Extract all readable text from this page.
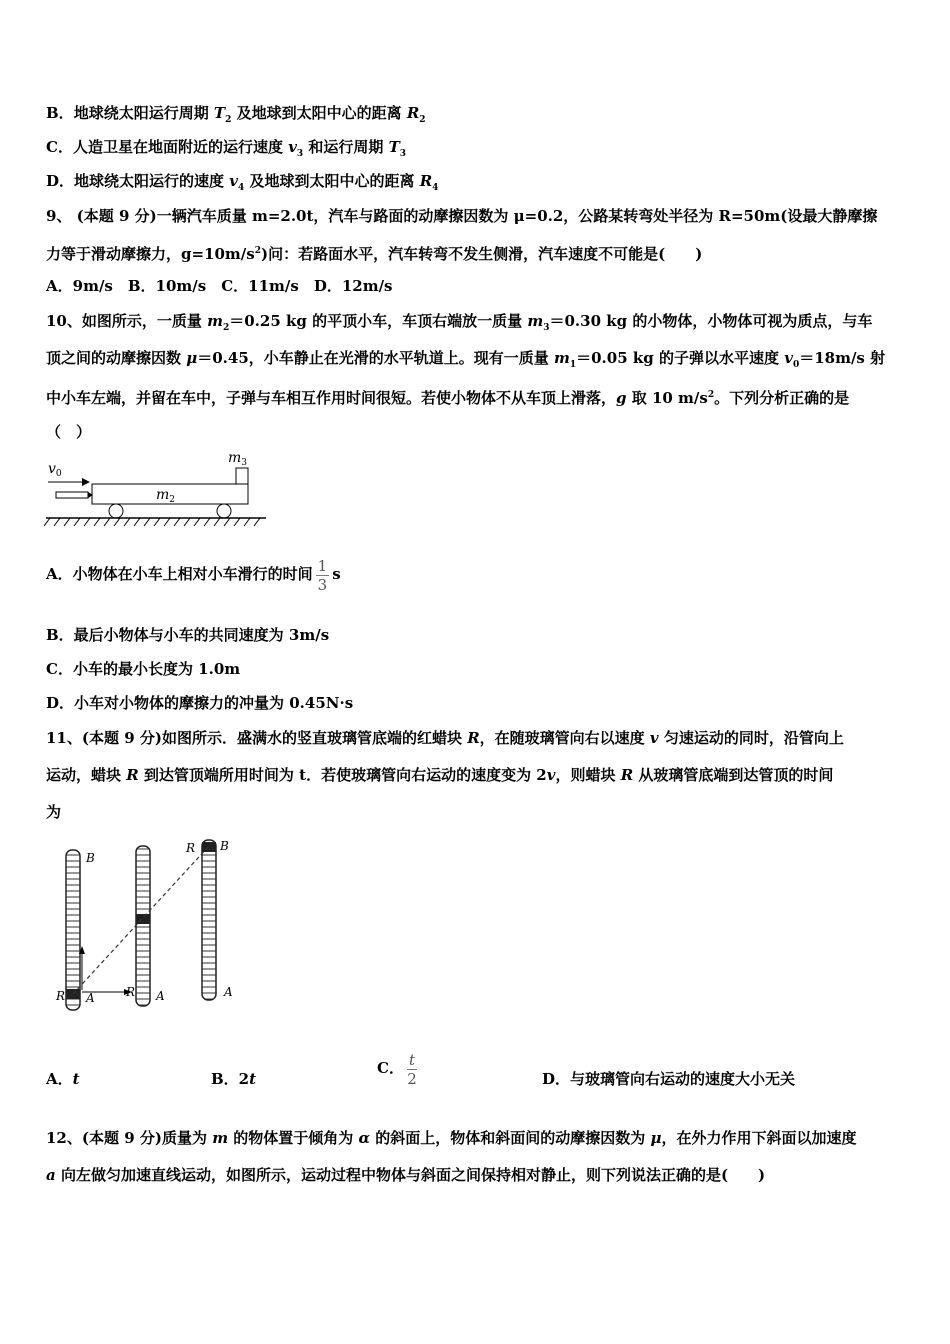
B．地球绕太阳运行周期 $T_2$ 及地球到太阳中心的距离 $R_2$
C．人造卫星在地面附近的运行速度 $v_3$ 和运行周期 $T_3$
D．地球绕太阳运行的速度 $v_4$ 及地球到太阳中心的距离 $R_4$
9、 (本题 9 分)一辆汽车质量 m=2.0t，汽车与路面的动摩擦因数为 μ=0.2，公路某转弯处半径为 R=50m(设最大静摩擦
力等于滑动摩擦力，$g=10m/s^2$)问：若路面水平，汽车转弯不发生侧滑，汽车速度不可能是(　　)
A．9m/s　B．10m/s　C．11m/s　D．12m/s
10、如图所示，一质量 $m_2=0.25$ kg 的平顶小车，车顶右端放一质量 $m_3=0.30$ kg 的小物体，小物体可视为质点，与车
顶之间的动摩擦因数 μ＝0.45，小车静止在光滑的水平轨道上。现有一质量 $m_1=0.05$ kg 的子弹以水平速度 $v_0=18m/s$ 射
中小车左端，并留在车中，子弹与车相互作用时间很短。若使小物体不从车顶上滑落，g 取 10 $m/s^2$。下列分析正确的是
（　）
$v_0$
$m_2$
$m_3$
A．小物体在小车上相对小车滑行的时间 $\frac{1}{3}$ s
B．最后小物体与小车的共同速度为 3m/s
C．小车的最小长度为 1.0m
D．小车对小物体的摩擦力的冲量为 0.45N·s
11、(本题 9 分)如图所示．盛满水的竖直玻璃管底端的红蜡块 R，在随玻璃管向右以速度 v 匀速运动的同时，沿管向上
运动，蜡块 R 到达管顶端所用时间为 t．若使玻璃管向右运动的速度变为 2v，则蜡块 R 从玻璃管底端到达管顶的时间
为
B
R A	R A
R B
A
A．t	B．2t
C． $\frac{t}{2}$	D．与玻璃管向右运动的速度大小无关
12、(本题 9 分)质量为 m 的物体置于倾角为 α 的斜面上，物体和斜面间的动摩擦因数为 μ，在外力作用下斜面以加速度
a 向左做匀加速直线运动，如图所示，运动过程中物体与斜面之间保持相对静止，则下列说法正确的是(　　)
